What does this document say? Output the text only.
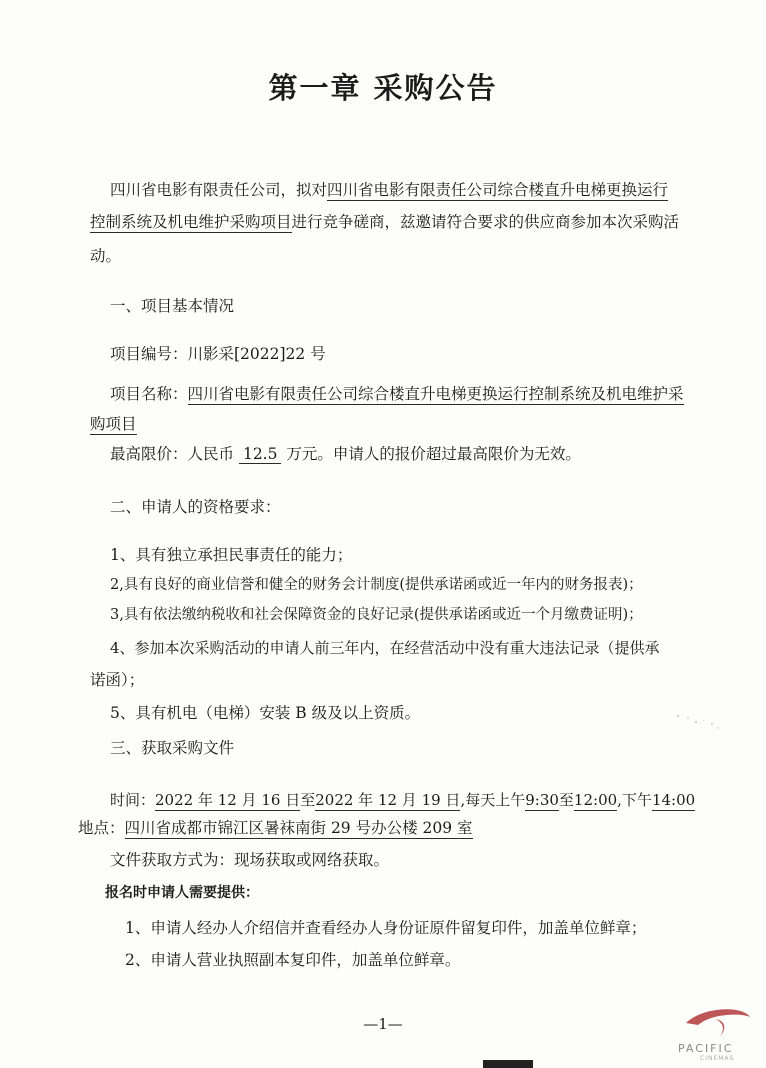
第一章 采购公告
四川省电影有限责任公司，拟对四川省电影有限责任公司综合楼直升电梯更换运行
控制系统及机电维护采购项目进行竞争磋商，兹邀请符合要求的供应商参加本次采购活
动。
一、项目基本情况
项目编号：川影采[2022]22 号
项目名称：四川省电影有限责任公司综合楼直升电梯更换运行控制系统及机电维护采
购项目
最高限价：人民币 12.5 万元。申请人的报价超过最高限价为无效。
二、申请人的资格要求：
1、具有独立承担民事责任的能力；
2,具有良好的商业信誉和健全的财务会计制度(提供承诺函或近一年内的财务报表)；
3,具有依法缴纳税收和社会保障资金的良好记录(提供承诺函或近一个月缴费证明)；
4、参加本次采购活动的申请人前三年内，在经营活动中没有重大违法记录（提供承
诺函）；
5、具有机电（电梯）安装 B 级及以上资质。
三、获取采购文件
时间：2022 年 12 月 16 日至2022 年 12 月 19 日,每天上午9:30至12:00,下午14:00
地点：四川省成都市锦江区暑袜南街 29 号办公楼 209 室
文件获取方式为：现场获取或网络获取。
报名时申请人需要提供：
1、申请人经办人介绍信并查看经办人身份证原件留复印件，加盖单位鲜章；
2、申请人营业执照副本复印件，加盖单位鲜章。
—1—
PACIFIC
CINEMAS
